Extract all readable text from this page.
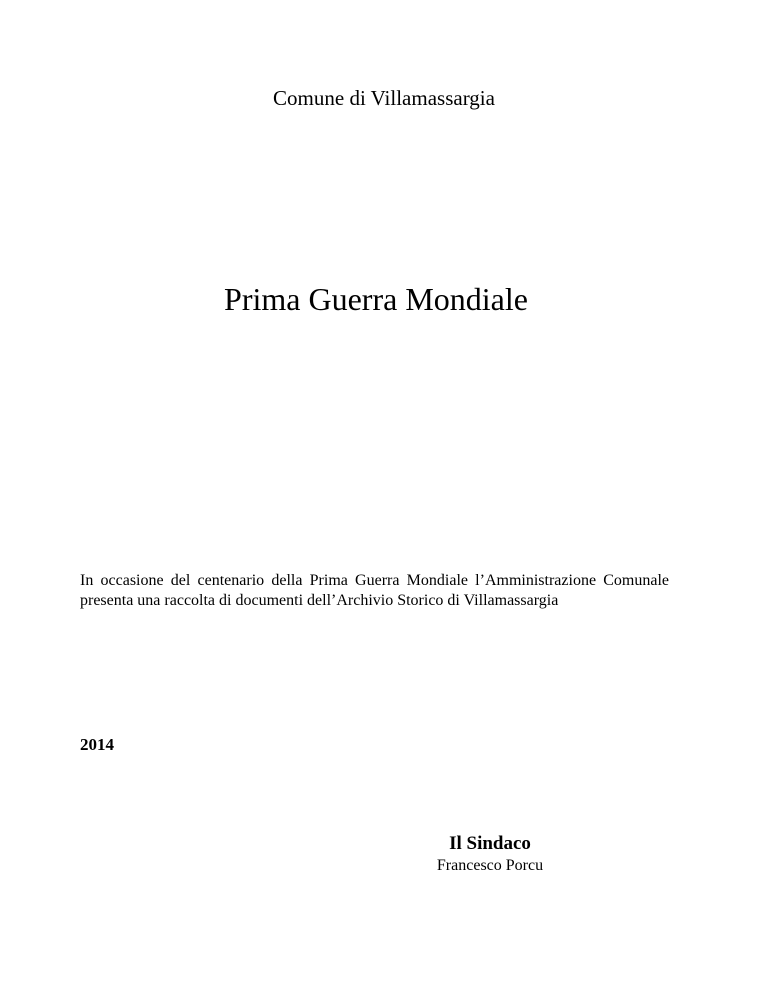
Comune di Villamassargia

Prima Guerra Mondiale

In occasione del centenario della Prima Guerra Mondiale l’Amministrazione Comunale presenta una raccolta di documenti dell’Archivio Storico di Villamassargia

2014

Il Sindaco
Francesco Porcu
